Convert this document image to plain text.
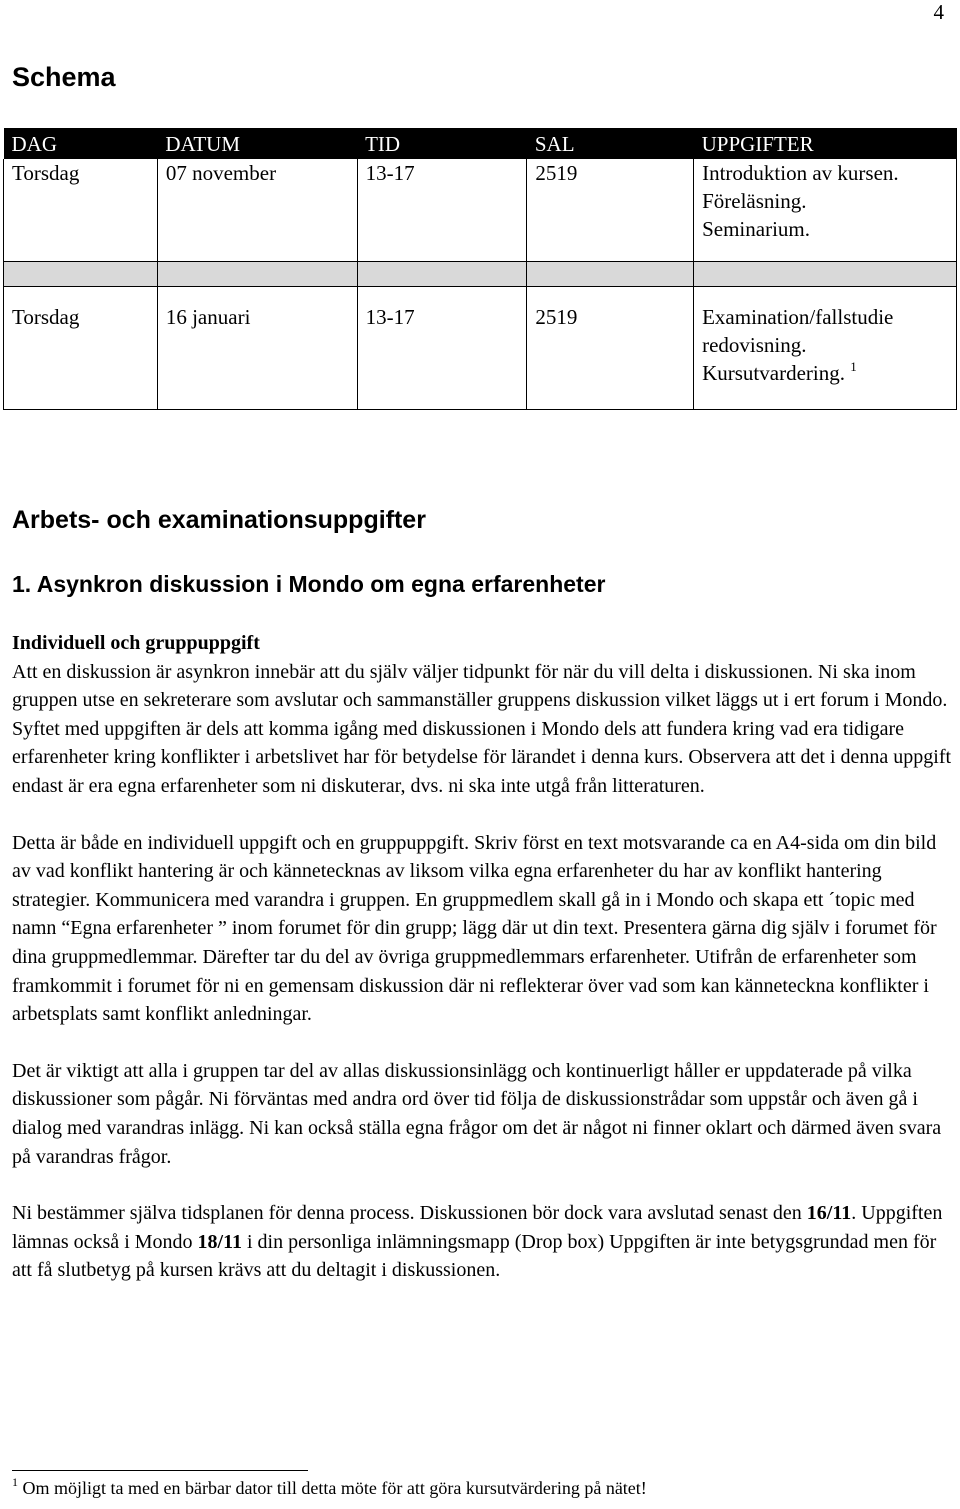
4
Schema
DAG	DATUM	TID	SAL	UPPGIFTER
Torsdag	07 november	13-17	2519	Introduktion av kursen.
Föreläsning.
Seminarium.

Torsdag	16 januari	13-17	2519	Examination/fallstudie
redovisning.
Kursutvardering. $^1$
Arbets- och examinationsuppgifter
1. Asynkron diskussion i Mondo om egna erfarenheter

Individuell och gruppuppgift

Att en diskussion är asynkron innebär att du själv väljer tidpunkt för när du vill delta i diskussionen. Ni ska inom gruppen utse en sekreterare som avslutar och sammanställer gruppens diskussion vilket läggs ut i ert forum i Mondo. Syftet med uppgiften är dels att komma igång med diskussionen i Mondo dels att fundera kring vad era tidigare erfarenheter kring konflikter i arbetslivet har för betydelse för lärandet i denna kurs. Observera att det i denna uppgift endast är era egna erfarenheter som ni diskuterar, dvs. ni ska inte utgå från litteraturen.

Detta är både en individuell uppgift och en gruppuppgift. Skriv först en text motsvarande ca en A4-sida om din bild av vad konflikt hantering är och kännetecknas av liksom vilka egna erfarenheter du har av konflikt hantering strategier. Kommunicera med varandra i gruppen. En gruppmedlem skall gå in i Mondo och skapa ett ´topic med namn “Egna erfarenheter ” inom forumet för din grupp; lägg där ut din text. Presentera gärna dig själv i forumet för dina gruppmedlemmar. Därefter tar du del av övriga gruppmedlemmars erfarenheter. Utifrån de erfarenheter som framkommit i forumet för ni en gemensam diskussion där ni reflekterar över vad som kan känneteckna konflikter i arbetsplats samt konflikt anledningar.

Det är viktigt att alla i gruppen tar del av allas diskussionsinlägg och kontinuerligt håller er uppdaterade på vilka diskussioner som pågår. Ni förväntas med andra ord över tid följa de diskussionstrådar som uppstår och även gå i dialog med varandras inlägg. Ni kan också ställa egna frågor om det är något ni finner oklart och därmed även svara på varandras frågor.

Ni bestämmer själva tidsplanen för denna process. Diskussionen bör dock vara avslutad senast den 16/11. Uppgiften lämnas också i Mondo 18/11 i din personliga inlämningsmapp (Drop box) Uppgiften är inte betygsgrundad men för att få slutbetyg på kursen krävs att du deltagit i diskussionen.

$^1$ Om möjligt ta med en bärbar dator till detta möte för att göra kursutvärdering på nätet!
